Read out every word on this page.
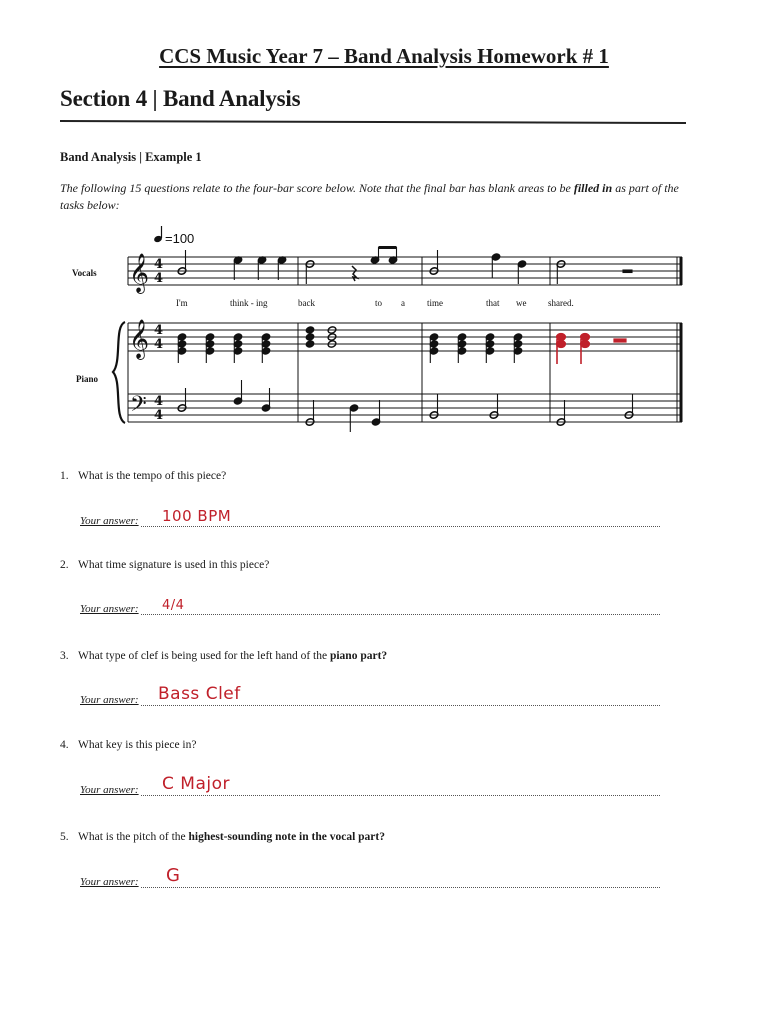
CCS Music Year 7 – Band Analysis Homework # 1
Section 4 | Band Analysis
Band Analysis | Example 1
The following 15 questions relate to the four-bar score below. Note that the final bar has blank areas to be filled in as part of the tasks below:
=100
Vocals
Piano
𝄞 4
4
I'm	think - ing	back	to a time	that we shared.
𝄞 4
4
𝄢 4
4
1. What is the tempo of this piece?
Your answer: 100 BPM
2. What time signature is used in this piece?
Your answer: 4/4
3. What type of clef is being used for the left hand of the piano part?
Your answer: Bass Clef
4. What key is this piece in?
Your answer: C Major
5. What is the pitch of the highest-sounding note in the vocal part?
Your answer: G
